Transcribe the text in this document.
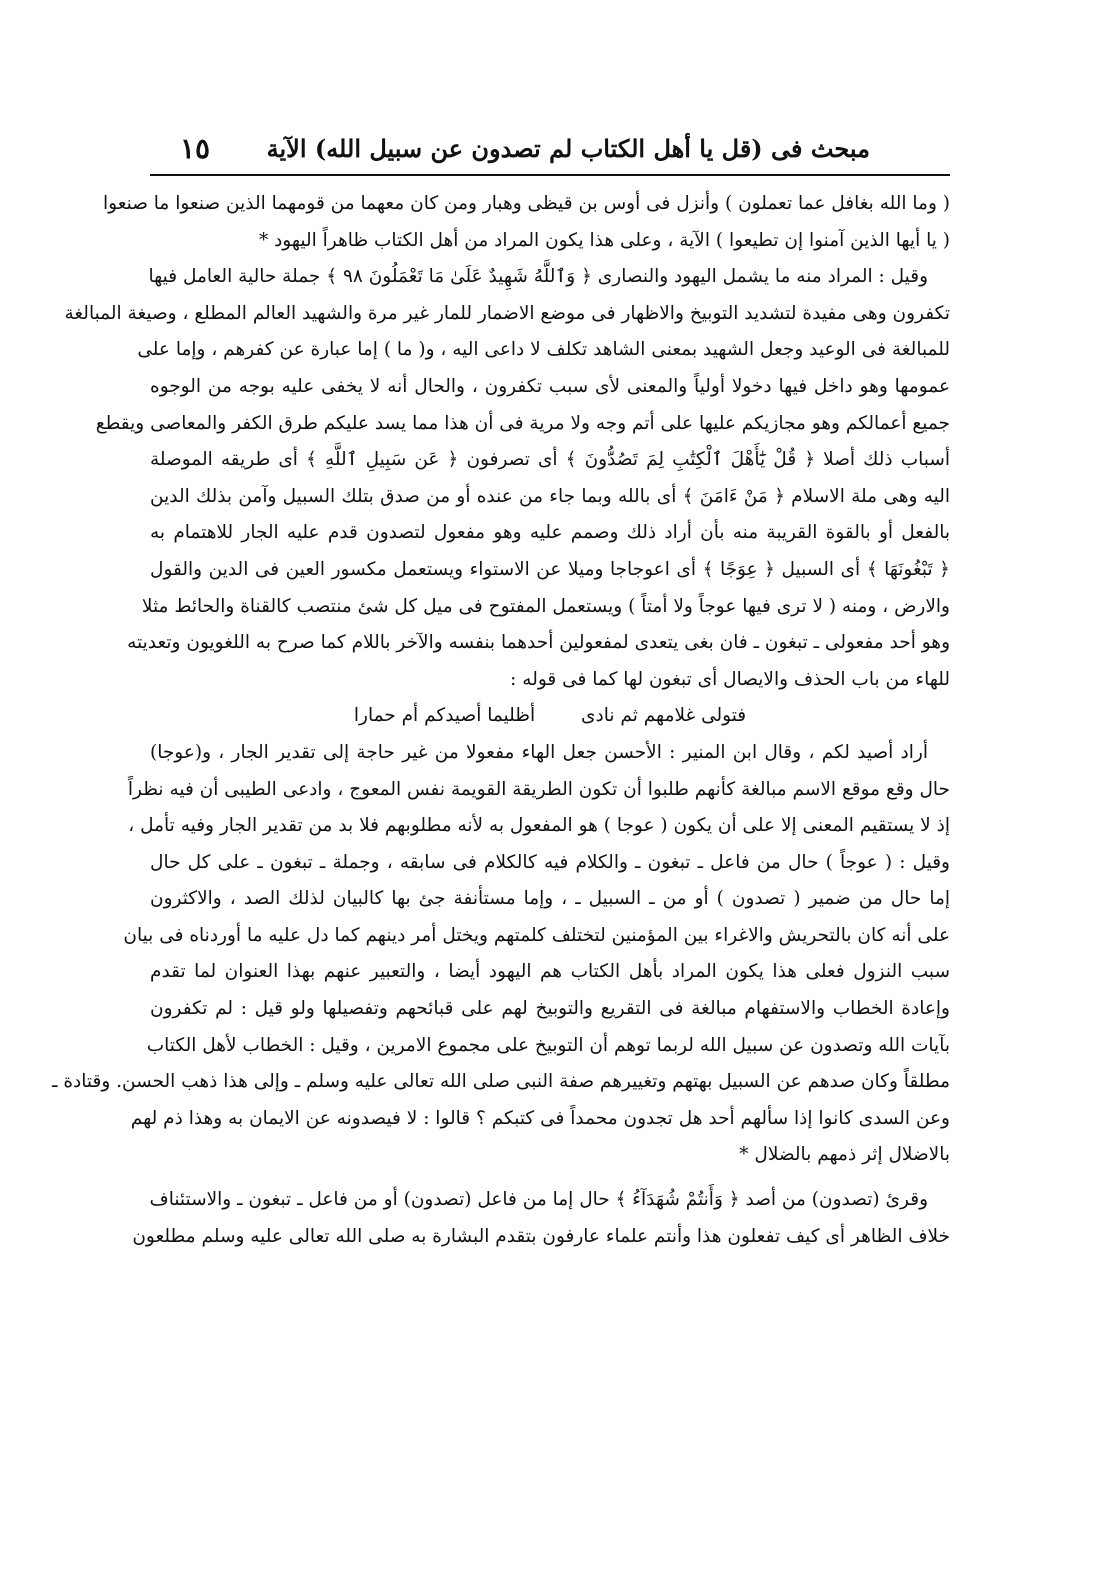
مبحث فى (قل يا أهل الكتاب لم تصدون عن سبيل الله) الآية
١٥
( وما الله بغافل عما تعملون ) وأنزل فى أوس بن قيظى وهبار ومن كان معهما من قومهما الذين صنعوا ما صنعوا
( يا أيها الذين آمنوا إن تطيعوا ) الآية ، وعلى هذا يكون المراد من أهل الكتاب ظاهراً اليهود *
وقيل : المراد منه ما يشمل اليهود والنصارى ﴿ وَٱللَّهُ شَهِيدٌ عَلَىٰ مَا تَعْمَلُونَ ٩٨ ﴾ جملة حالية العامل فيها
تكفرون وهى مفيدة لتشديد التوبيخ والاظهار فى موضع الاضمار للمار غير مرة والشهيد العالم المطلع ، وصيغة المبالغة
للمبالغة فى الوعيد وجعل الشهيد بمعنى الشاهد تكلف لا داعى اليه ، و( ما ) إما عبارة عن كفرهم ، وإما على
عمومها وهو داخل فيها دخولا أولياً والمعنى لأى سبب تكفرون ، والحال أنه لا يخفى عليه بوجه من الوجوه
جميع أعمالكم وهو مجازيكم عليها على أتم وجه ولا مرية فى أن هذا مما يسد عليكم طرق الكفر والمعاصى ويقطع
أسباب ذلك أصلا ﴿ قُلْ يَٰٓأَهْلَ ٱلْكِتَٰبِ لِمَ تَصُدُّونَ ﴾ أى تصرفون ﴿ عَن سَبِيلِ ٱللَّهِ ﴾ أى طريقه الموصلة
اليه وهى ملة الاسلام ﴿ مَنْ ءَامَنَ ﴾ أى بالله وبما جاء من عنده أو من صدق بتلك السبيل وآمن بذلك الدين
بالفعل أو بالقوة القريبة منه بأن أراد ذلك وصمم عليه وهو مفعول لتصدون قدم عليه الجار للاهتمام به
﴿ تَبْغُونَهَا ﴾ أى السبيل ﴿ عِوَجًا ﴾ أى اعوجاجا وميلا عن الاستواء ويستعمل مكسور العين فى الدين والقول
والارض ، ومنه ( لا ترى فيها عوجاً ولا أمتاً ) ويستعمل المفتوح فى ميل كل شئ منتصب كالقناة والحائط مثلا
وهو أحد مفعولى ـ تبغون ـ فان بغى يتعدى لمفعولين أحدهما بنفسه والآخر باللام كما صرح به اللغويون وتعديته
للهاء من باب الحذف والايصال أى تبغون لها كما فى قوله :
فتولى غلامهم ثم نادى أظليما أصيدكم أم حمارا
أراد أصيد لكم ، وقال ابن المنير : الأحسن جعل الهاء مفعولا من غير حاجة إلى تقدير الجار ، و(عوجا)
حال وقع موقع الاسم مبالغة كأنهم طلبوا أن تكون الطريقة القويمة نفس المعوج ، وادعى الطيبى أن فيه نظراً
إذ لا يستقيم المعنى إلا على أن يكون ( عوجا ) هو المفعول به لأنه مطلوبهم فلا بد من تقدير الجار وفيه تأمل ،
وقيل : ( عوجاً ) حال من فاعل ـ تبغون ـ والكلام فيه كالكلام فى سابقه ، وجملة ـ تبغون ـ على كل حال
إما حال من ضمير ( تصدون ) أو من ـ السبيل ـ ، وإما مستأنفة جئ بها كالبيان لذلك الصد ، والاكثرون
على أنه كان بالتحريش والاغراء بين المؤمنين لتختلف كلمتهم ويختل أمر دينهم كما دل عليه ما أوردناه فى بيان
سبب النزول فعلى هذا يكون المراد بأهل الكتاب هم اليهود أيضا ، والتعبير عنهم بهذا العنوان لما تقدم
وإعادة الخطاب والاستفهام مبالغة فى التقريع والتوبيخ لهم على قبائحهم وتفصيلها ولو قيل : لم تكفرون
بآيات الله وتصدون عن سبيل الله لربما توهم أن التوبيخ على مجموع الامرين ، وقيل : الخطاب لأهل الكتاب
مطلقاً وكان صدهم عن السبيل بهتهم وتغييرهم صفة النبى صلى الله تعالى عليه وسلم ـ وإلى هذا ذهب الحسن. وقتادة ـ
وعن السدى كانوا إذا سألهم أحد هل تجدون محمداً فى كتبكم ؟ قالوا : لا فيصدونه عن الايمان به وهذا ذم لهم
بالاضلال إثر ذمهم بالضلال *
وقرئ (تصدون) من أصد ﴿ وَأَنتُمْ شُهَدَآءُ ﴾ حال إما من فاعل (تصدون) أو من فاعل ـ تبغون ـ والاستئناف
خلاف الظاهر أى كيف تفعلون هذا وأنتم علماء عارفون بتقدم البشارة به صلى الله تعالى عليه وسلم مطلعون
